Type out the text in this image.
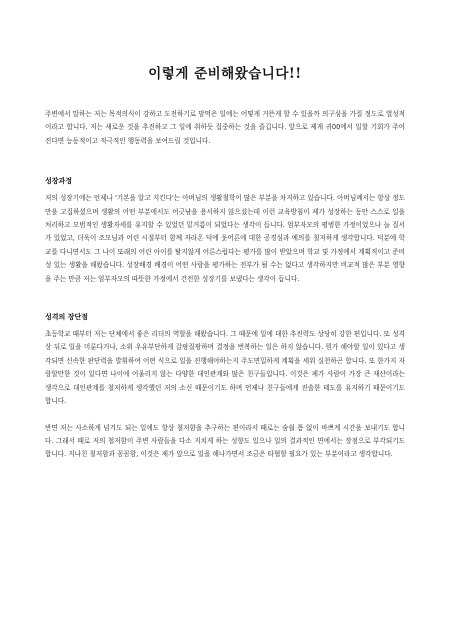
이렇게 준비해왔습니다!!

주변에서 말하는 저는 목적의식이 강하고 도전하기로 맘먹은 일에는 어떻게 거뜬게 할 수 있을까 의구심을 가질 정도로 열성적이라고 합니다. 저는 새로운 것을 추진하고 그 일에 취하듯 집중하는 것을 즐깁니다. 앞으로 제게 귀00에서 일할 기회가 주어진다면 능동적이고 적극적인 행동력을 보여드릴 것입니다.

성장과정

저의 성장기에는 언제나 '기본을 알고 지킨다'는 아버님의 생활철학이 많은 부분을 차지하고 있습니다. 아버님께서는 항상 정도만을 고집하셨으며 생활의 어떤 부분에서도 어긋남을 용서하지 않으셨는데 이런 교육방침이 제가 성장하는 동안 스스로 일을 처리하고 모범적인 생활자세를 유지할 수 있었던 밑거름이 되었다는 생각이 듭니다. 엄부자모의 평범한 가정이었으나 늘 질서가 있었고, 더욱이 조모님과 어린 시절부터 함께 자라온 덕에 웃어른에 대한 공경심과 예의를 철저하게 생각합니다. 덕분에 학교를 다니면서도 그 나이 또래의 어린 아이를 탈지않게 어른스럽다는 평가를 많이 받았으며 학교 및 가정에서 계획적이고 준비성 있는 생활을 해왔습니다. 성장배경 배경이 어떤 사람을 평가하는 전부가 될 수는 없다고 생각하지만 비교적 많은 부분 영향을 주는 만큼 저는 엄부자모의 따뜻한 가정에서 건전한 성장기를 보냈다는 생각이 듭니다.

성격의 장단점

초등학교 때부터 저는 단체에서 좋은 리더의 역할을 해왔습니다. 그 때문에 일에 대한 추진력도 상당히 강한 편입니다. 또 성격상 뒤로 일을 미룬다거나, 소위 우유부단하게 갈팡질팡하며 결정을 번복하는 일은 하지 않습니다. 뭔가 해야할 일이 있다고 생각되면 신속한 판단력을 발휘하여 어떤 식으로 일을 진행해야하는지 주도면밀하게 계획을 세워 실천하곤 합니다. 또 한가지 자랑할만한 것이 있다면 나이에 어울리지 않는 다양한 대인관계와 많은 친구들입니다. 이것은 제가 사람이 가장 큰 재산이라는 생각으로 대인관계를 철저하게 생각했던 저의 소신 때문이기도 하며 언제나 친구들에게 진솔한 태도를 유지하기 때문이기도 합니다.

반면 저는 사소하게 넘겨도 되는 일에도 항상 철저함을 추구하는 편이라서 때로는 숨쉴 틈 없이 바쁘게 시간을 보내기도 합니다. 그래서 때로 저의 철저함이 주변 사람들을 다소 지치게 하는 성향도 있으나 일의 결과적인 면에서는 장점으로 부각되기도 합니다. 지나친 철저함과 꼼꼼함, 이것은 제가 앞으로 일을 해나가면서 조금은 타협할 필요가 있는 부분이라고 생각합니다.
